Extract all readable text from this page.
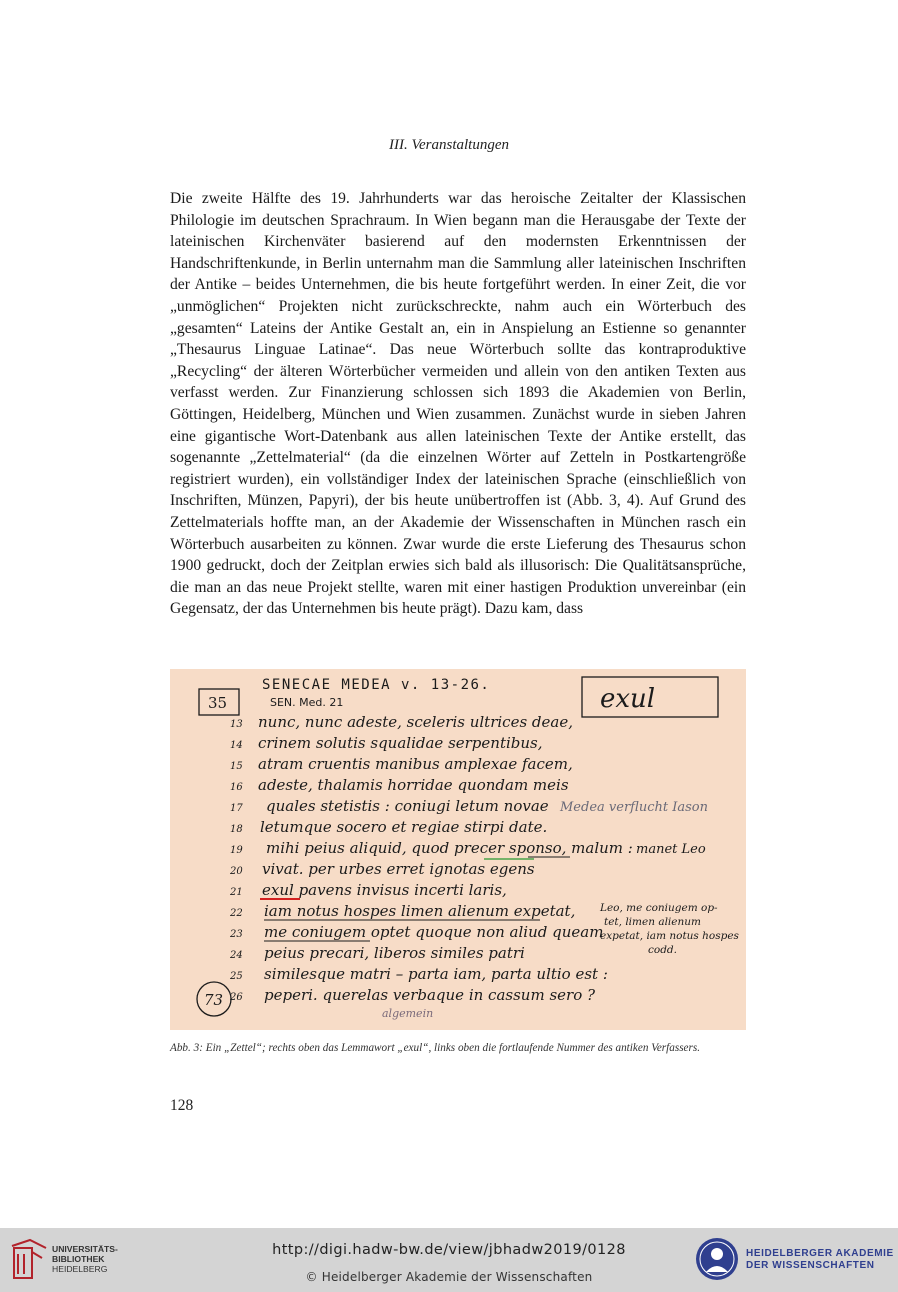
III. Veranstaltungen

Die zweite Hälfte des 19. Jahrhunderts war das heroische Zeitalter der Klassischen Philologie im deutschen Sprachraum. In Wien begann man die Herausgabe der Texte der lateinischen Kirchenväter basierend auf den modernsten Erkenntnissen der Handschriftenkunde, in Berlin unternahm man die Sammlung aller lateinischen Inschriften der Antike – beides Unternehmen, die bis heute fortgeführt werden. In einer Zeit, die vor „unmöglichen“ Projekten nicht zurückschreckte, nahm auch ein Wörterbuch des „gesamten“ Lateins der Antike Gestalt an, ein in Anspielung an Estienne so genannter „Thesaurus Linguae Latinae“. Das neue Wörterbuch sollte das kontraproduktive „Recycling“ der älteren Wörterbücher vermeiden und allein von den antiken Texten aus verfasst werden. Zur Finanzierung schlossen sich 1893 die Akademien von Berlin, Göttingen, Heidelberg, München und Wien zusammen. Zunächst wurde in sieben Jahren eine gigantische Wort-Datenbank aus allen lateinischen Texte der Antike erstellt, das sogenannte „Zettelmaterial“ (da die einzelnen Wörter auf Zetteln in Postkartengröße registriert wurden), ein vollständiger Index der lateinischen Sprache (einschließlich von Inschriften, Münzen, Papyri), der bis heute unübertroffen ist (Abb. 3, 4). Auf Grund des Zettelmaterials hoffte man, an der Akademie der Wissenschaften in München rasch ein Wörterbuch ausarbeiten zu können. Zwar wurde die erste Lieferung des Thesaurus schon 1900 gedruckt, doch der Zeitplan erwies sich bald als illusorisch: Die Qualitätsansprüche, die man an das neue Projekt stellte, waren mit einer hastigen Produktion unvereinbar (ein Gegensatz, der das Unternehmen bis heute prägt). Dazu kam, dass

SENECAE MEDEA v. 13-26.
SEN. Med. 21
35	exul
13 nunc, nunc adeste, sceleris ultrices deae,
14 crinem solutis squalidae serpentibus,
15 atram cruentis manibus amplexae facem,
16 adeste, thalamis horridae quondam meis
17 quales stetistis : coniugi letum novae
18 letumque socero et regiae stirpi date.
19 mihi peius aliquid, quod precer sponso, malum :
20 vivat. per urbes erret ignotas egens
21 exul pavens invisus incerti laris,
22 iam notus hospes limen alienum expetat,
23 me coniugem optet quoque non aliud queam
24 peius precari, liberos similes patri
25 similesque matri – parta iam, parta ultio est :
26 peperi. querelas verbaque in cassum sero ?
Medea verflucht Iason
manet Leo
Leo, me coniugem op-
tet, limen alienum
expetat, iam notus hospes
codd.
73
algemein
Abb. 3: Ein „Zettel“; rechts oben das Lemmawort „exul“, links oben die fortlaufende Nummer des antiken Verfassers.
128
UNIVERSITÄTS-
BIBLIOTHEK
HEIDELBERG
http://digi.hadw-bw.de/view/jbhadw2019/0128
© Heidelberger Akademie der Wissenschaften
HEIDELBERGER AKADEMIE
DER WISSENSCHAFTEN
